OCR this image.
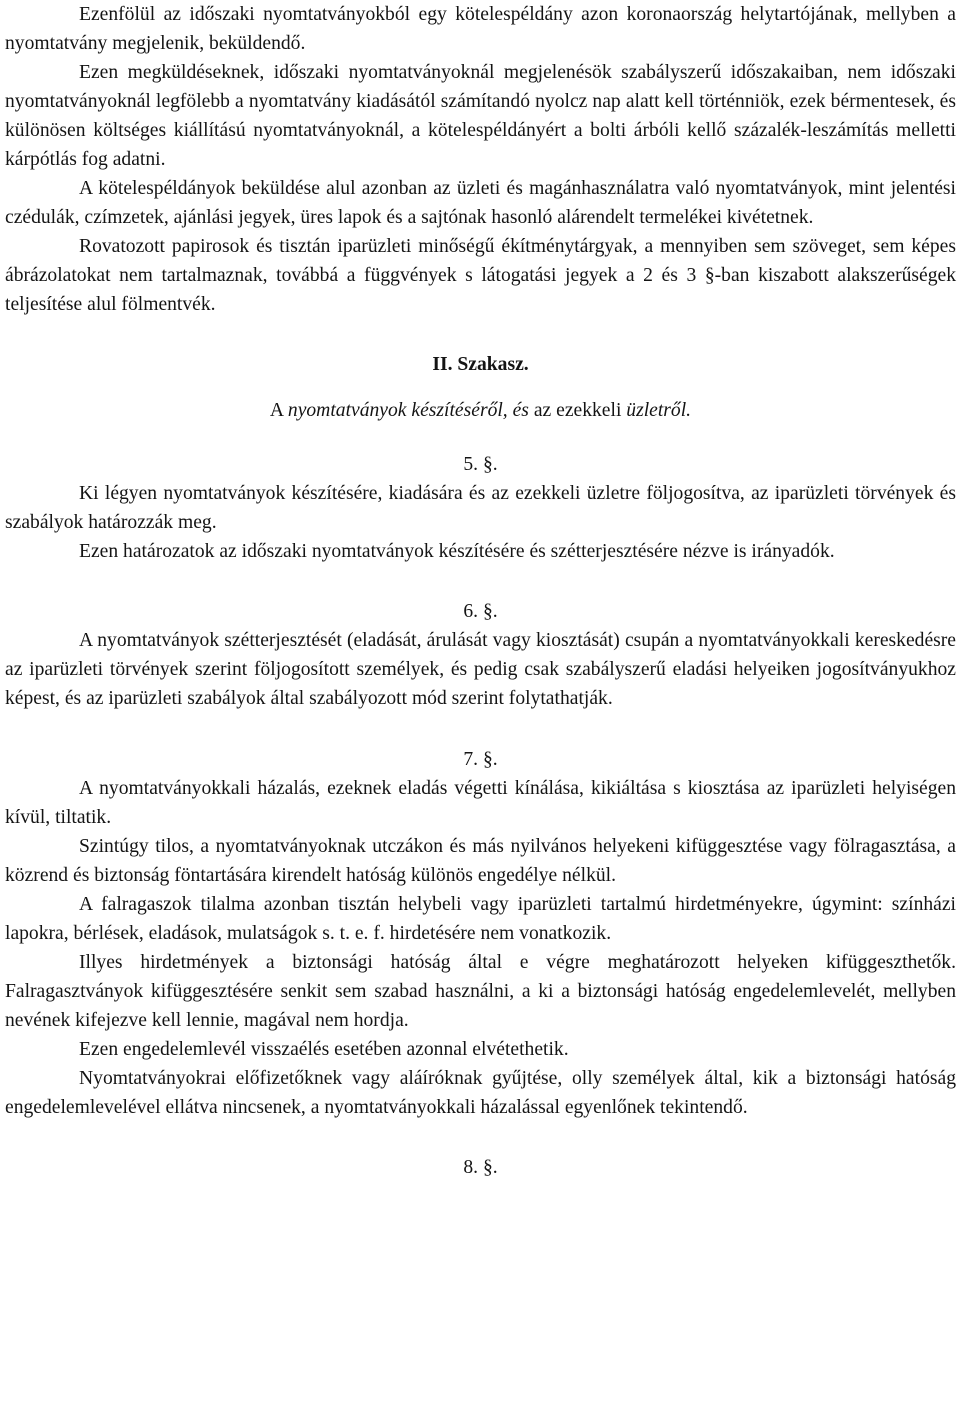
Ezenfölül az időszaki nyomtatványokból egy kötelespéldány azon koronaország helytartójának, mellyben a nyomtatvány megjelenik, beküldendő.

Ezen megküldéseknek, időszaki nyomtatványoknál megjelenésök szabályszerű időszakaiban, nem időszaki nyomtatványoknál legfölebb a nyomtatvány kiadásától számítandó nyolcz nap alatt kell történniök, ezek bérmentesek, és különösen költséges kiállítású nyomtatványoknál, a kötelespéldányért a bolti árbóli kellő százalék-leszámítás melletti kárpótlás fog adatni.

A kötelespéldányok beküldése alul azonban az üzleti és magánhasználatra való nyomtatványok, mint jelentési czédulák, czímzetek, ajánlási jegyek, üres lapok és a sajtónak hasonló alárendelt termelékei kivétetnek.

Rovatozott papirosok és tisztán iparüzleti minőségű ékítménytárgyak, a mennyiben sem szöveget, sem képes ábrázolatokat nem tartalmaznak, továbbá a függvények s látogatási jegyek a 2 és 3 §-ban kiszabott alakszerűségek teljesítése alul fölmentvék.

II. Szakasz.

A nyomtatványok készítéséről, és az ezekkeli üzletről.

5. §.

Ki légyen nyomtatványok készítésére, kiadására és az ezekkeli üzletre följogosítva, az iparüzleti törvények és szabályok határozzák meg.

Ezen határozatok az időszaki nyomtatványok készítésére és szétterjesztésére nézve is irányadók.

6. §.

A nyomtatványok szétterjesztését (eladását, árulását vagy kiosztását) csupán a nyomtatványokkali kereskedésre az iparüzleti törvények szerint följogosított személyek, és pedig csak szabályszerű eladási helyeiken jogosítványukhoz képest, és az iparüzleti szabályok által szabályozott mód szerint folytathatják.

7. §.

A nyomtatványokkali házalás, ezeknek eladás végetti kínálása, kikiáltása s kiosztása az iparüzleti helyiségen kívül, tiltatik.

Szintúgy tilos, a nyomtatványoknak utczákon és más nyilvános helyekeni kifüggesztése vagy fölragasztása, a közrend és biztonság föntartására kirendelt hatóság különös engedélye nélkül.

A falragaszok tilalma azonban tisztán helybeli vagy iparüzleti tartalmú hirdetményekre, úgymint: színházi lapokra, bérlések, eladások, mulatságok s. t. e. f. hirdetésére nem vonatkozik.

Illyes hirdetmények a biztonsági hatóság által e végre meghatározott helyeken kifüggeszthetők. Falragasztványok kifüggesztésére senkit sem szabad használni, a ki a biztonsági hatóság engedelemlevelét, mellyben nevének kifejezve kell lennie, magával nem hordja.

Ezen engedelemlevél visszaélés esetében azonnal elvétethetik.

Nyomtatványokrai előfizetőknek vagy aláíróknak gyűjtése, olly személyek által, kik a biztonsági hatóság engedelemlevelével ellátva nincsenek, a nyomtatványokkali házalással egyenlőnek tekintendő.

8. §.
